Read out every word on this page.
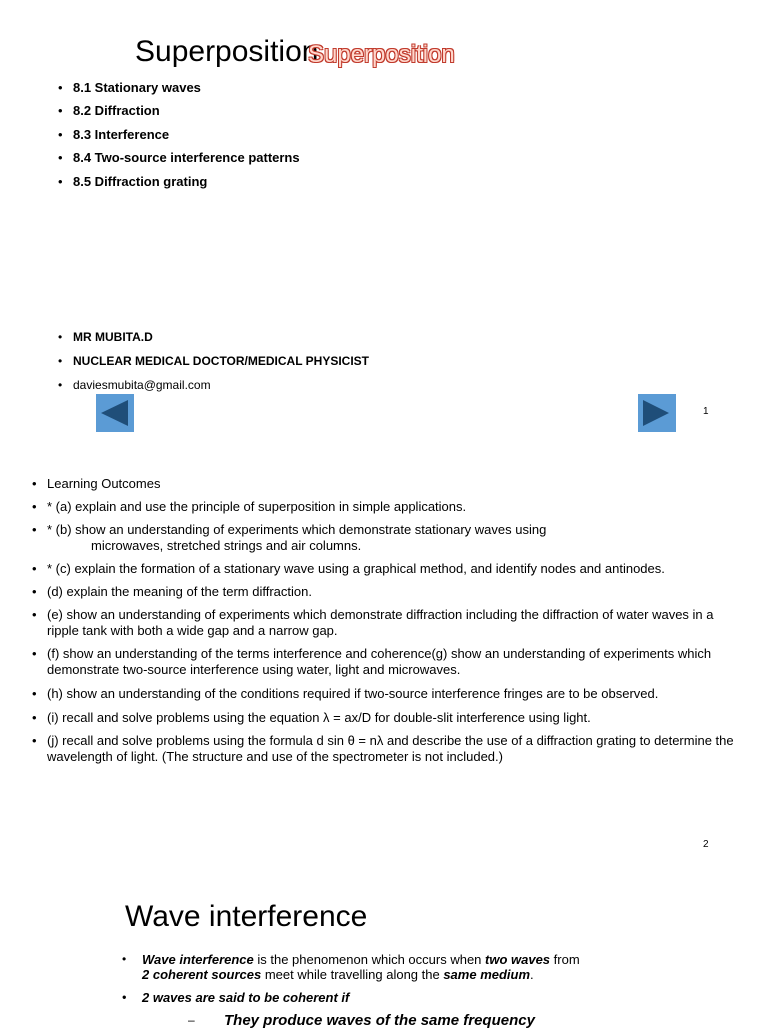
Superposition
Superposition
• 8.1 Stationary waves
• 8.2 Diffraction
• 8.3 Interference
• 8.4 Two-source interference patterns
• 8.5 Diffraction grating
• MR MUBITA.D
• NUCLEAR MEDICAL DOCTOR/MEDICAL PHYSICIST
• daviesmubita@gmail.com
1
• Learning Outcomes
• * (a) explain and use the principle of superposition in simple applications.
• * (b) show an understanding of experiments which demonstrate stationary waves using
microwaves, stretched strings and air columns.
• * (c) explain the formation of a stationary wave using a graphical method, and identify nodes and antinodes.
• (d) explain the meaning of the term diffraction.
• (e) show an understanding of experiments which demonstrate diffraction including the diffraction of water waves in a ripple tank with both a wide gap and a narrow gap.
• (f) show an understanding of the terms interference and coherence(g) show an understanding of experiments which demonstrate two-source interference using water, light and microwaves.
• (h) show an understanding of the conditions required if two-source interference fringes are to be observed.
• (i) recall and solve problems using the equation λ = ax/D for double-slit interference using light.
• (j) recall and solve problems using the formula d sin θ = nλ and describe the use of a diffraction grating to determine the wavelength of light. (The structure and use of the spectrometer is not included.)
2
Wave interference
• Wave interference is the phenomenon which occurs when two waves from
2 coherent sources meet while travelling along the same medium.
• 2 waves are said to be coherent if
– They produce waves of the same frequency
